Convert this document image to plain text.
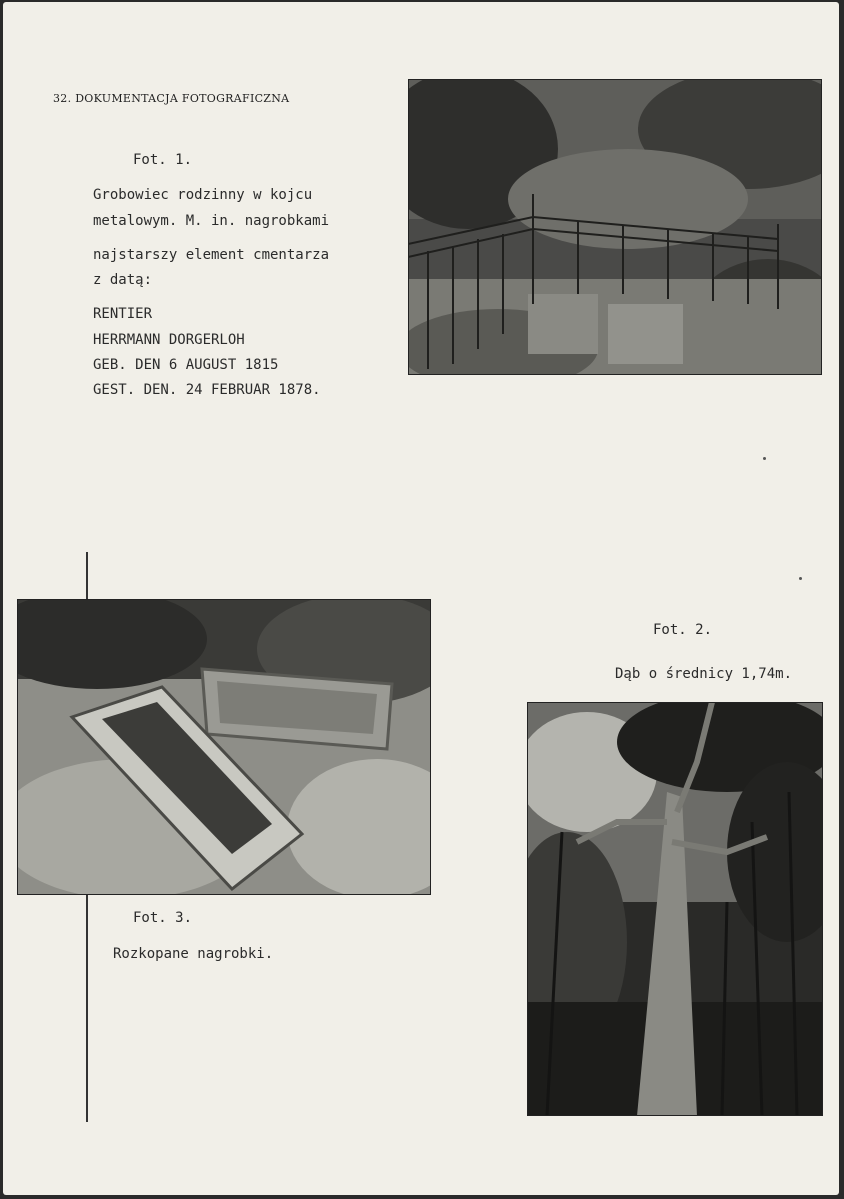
32. DOKUMENTACJA FOTOGRAFICZNA
Fot. 1.
Grobowiec rodzinny w kojcu
metalowym. M. in. nagrobkami
najstarszy element cmentarza
z datą:
RENTIER
HERRMANN DORGERLOH
GEB. DEN 6 AUGUST 1815
GEST. DEN. 24 FEBRUAR 1878.
Fot. 3.
Rozkopane nagrobki.
Fot. 2.
Dąb o średnicy 1,74m.
